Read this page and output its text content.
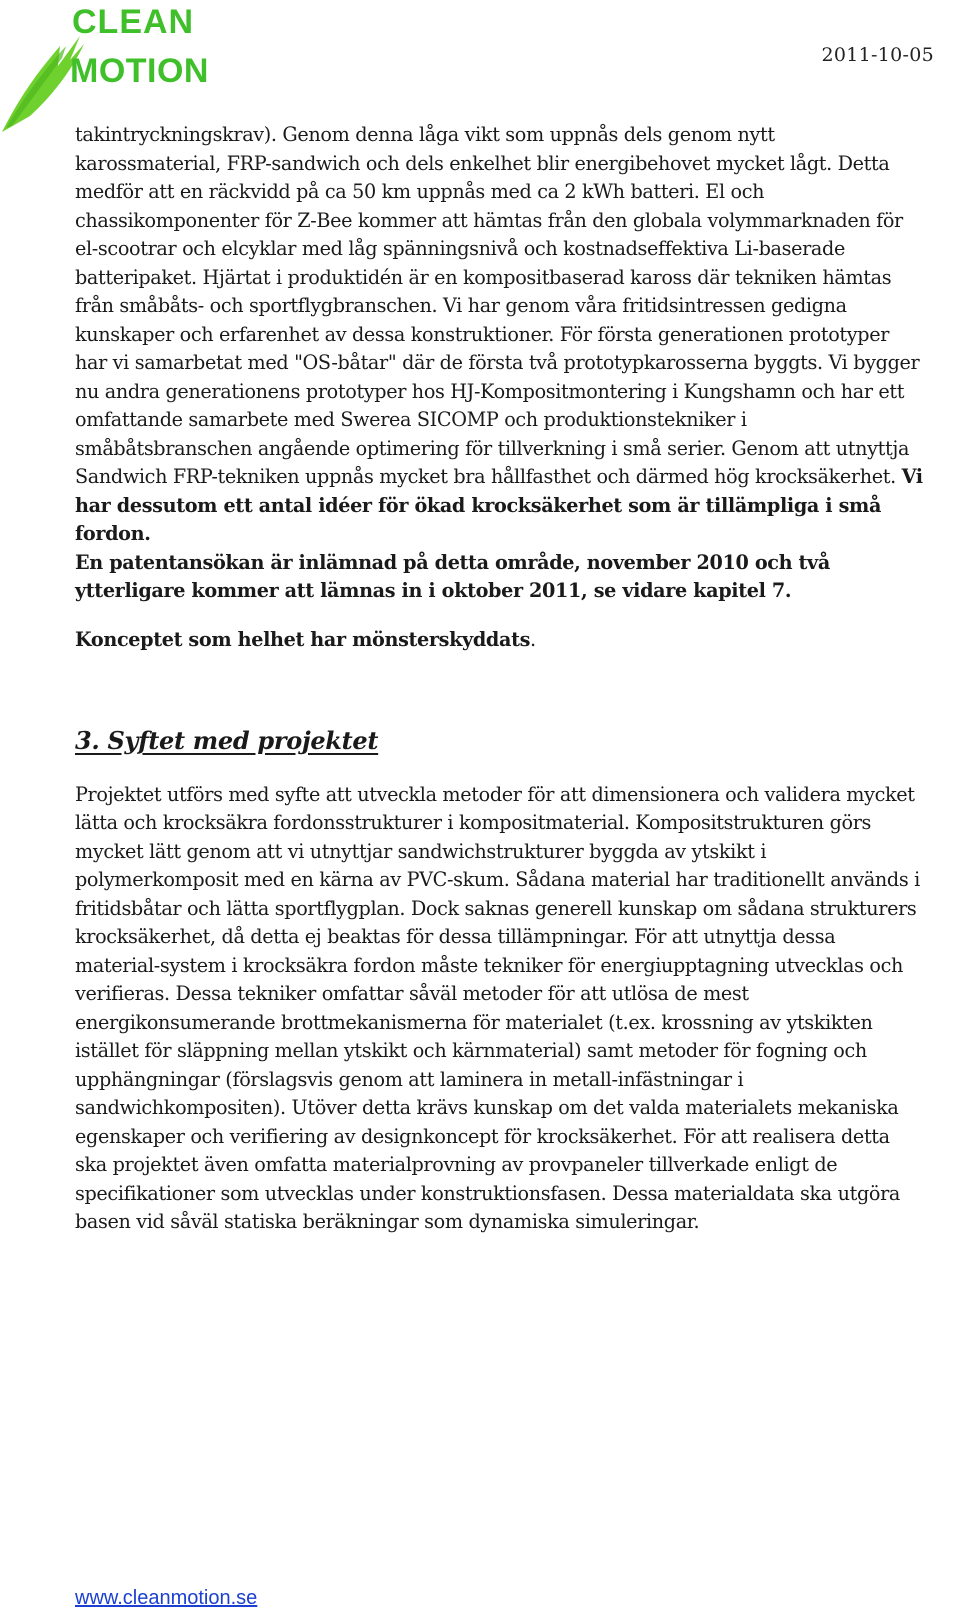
CLEAN
MOTION	2011-10-05

takintryckningskrav). Genom denna låga vikt som uppnås dels genom nytt karossmaterial, FRP-sandwich och dels enkelhet blir energibehovet mycket lågt. Detta medför att en räckvidd på ca 50 km uppnås med ca 2 kWh batteri. El och chassikomponenter för Z-Bee kommer att hämtas från den globala volymmarknaden för el-scootrar och elcyklar med låg spänningsnivå och kostnadseffektiva Li-baserade batteripaket. Hjärtat i produktidén är en kompositbaserad kaross där tekniken hämtas från småbåts- och sportflygbranschen. Vi har genom våra fritidsintressen gedigna kunskaper och erfarenhet av dessa konstruktioner. För första generationen prototyper har vi samarbetat med "OS-båtar" där de första två prototypkarosserna byggts. Vi bygger nu andra generationens prototyper hos HJ-Kompositmontering i Kungshamn och har ett omfattande samarbete med Swerea SICOMP och produktionstekniker i småbåtsbranschen angående optimering för tillverkning i små serier. Genom att utnyttja Sandwich FRP-tekniken uppnås mycket bra hållfasthet och därmed hög krocksäkerhet. Vi har dessutom ett antal idéer för ökad krocksäkerhet som är tillämpliga i små fordon.

En patentansökan är inlämnad på detta område, november 2010 och två ytterligare kommer att lämnas in i oktober 2011, se vidare kapitel 7.

Konceptet som helhet har mönsterskyddats.

3. Syftet med projektet

Projektet utförs med syfte att utveckla metoder för att dimensionera och validera mycket lätta och krocksäkra fordonsstrukturer i kompositmaterial. Kompositstrukturen görs mycket lätt genom att vi utnyttjar sandwichstrukturer byggda av ytskikt i polymerkomposit med en kärna av PVC-skum. Sådana material har traditionellt används i fritidsbåtar och lätta sportflygplan. Dock saknas generell kunskap om sådana strukturers krocksäkerhet, då detta ej beaktas för dessa tillämpningar. För att utnyttja dessa material-system i krocksäkra fordon måste tekniker för energiupptagning utvecklas och verifieras. Dessa tekniker omfattar såväl metoder för att utlösa de mest energikonsumerande brottmekanismerna för materialet (t.ex. krossning av ytskikten istället för släppning mellan ytskikt och kärnmaterial) samt metoder för fogning och upphängningar (förslagsvis genom att laminera in metall-infästningar i sandwichkompositen). Utöver detta krävs kunskap om det valda materialets mekaniska egenskaper och verifiering av designkoncept för krocksäkerhet. För att realisera detta ska projektet även omfatta materialprovning av provpaneler tillverkade enligt de specifikationer som utvecklas under konstruktionsfasen. Dessa materialdata ska utgöra basen vid såväl statiska beräkningar som dynamiska simuleringar.

www.cleanmotion.se
